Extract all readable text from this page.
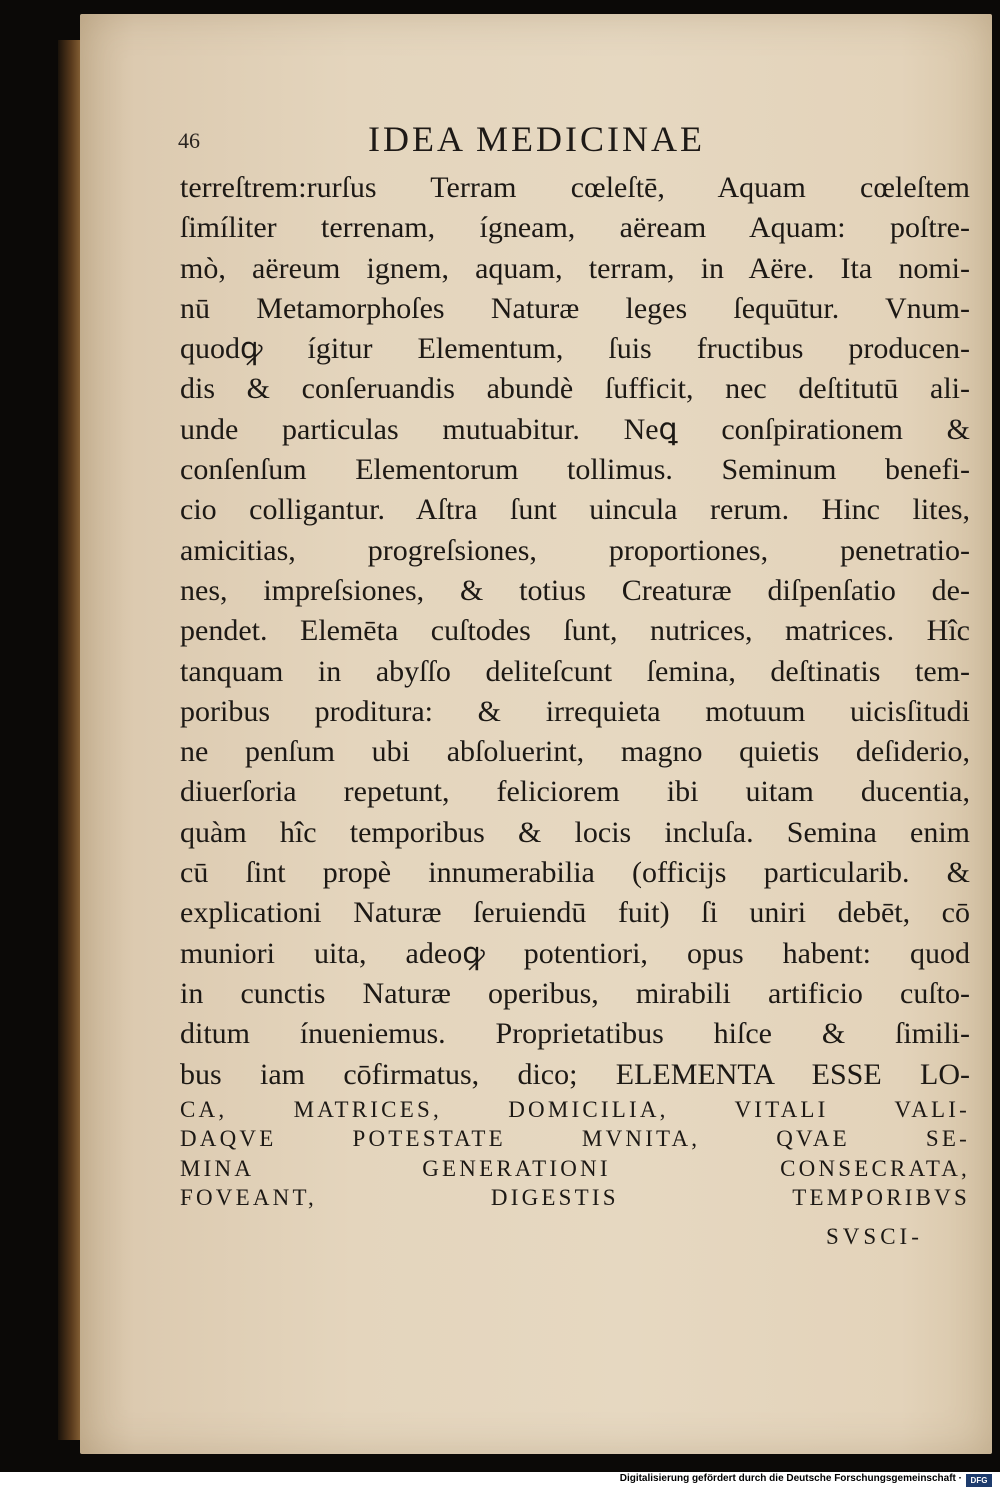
46	IDEA MEDICINAE
terreſtrem:rurſus Terram cœleſtē, Aquam cœleſtem
ſimíliter terrenam, ígneam, aëream Aquam: poſtre-
mò, aëreum ignem, aquam, terram, in Aëre. Ita nomi-
nū Metamorphoſes Naturæ leges ſequūtur. Vnum-
quodꝙ ígitur Elementum, ſuis fructibus producen-
dis & conſeruandis abundè ſufficit, nec deſtitutū ali-
unde particulas mutuabitur. Neꝗ conſpirationem &
conſenſum Elementorum tollimus. Seminum benefi-
cio colligantur. Aſtra ſunt uincula rerum. Hinc lites,
amicitias, progreſsiones, proportiones, penetratio-
nes, impreſsiones, & totius Creaturæ diſpenſatio de-
pendet. Elemēta cuſtodes ſunt, nutrices, matrices. Hîc
tanquam in abyſſo delitеſcunt ſemina, deſtinatis tem-
poribus proditura: & irrequieta motuum uicisſitudi
ne penſum ubi abſoluerint, magno quietis deſiderio,
diuerſoria repetunt, feliciorem ibi uitam ducentia,
quàm hîc temporibus & locis incluſa. Semina enim
cū ſint propè innumerabilia (officijs particularib. &
explicationi Naturæ ſeruiendū fuit) ſi uniri debēt, cō
muniori uita, adeoꝙ potentiori, opus habent: quod
in cunctis Naturæ operibus, mirabili artificio cuſto-
ditum ínueniemus. Proprietatibus hiſce & ſimili-
bus iam cōfirmatus, dico; ELEMENTA ESSE LO-
CA, MATRICES, DOMICILIA, VITALI VALI-
DAQVE POTESTATE MVNITA, QVAE SE-
MINA GENERATIONI CONSECRATA,
FOVEANT, DIGESTIS TEMPORIBVS
SVSCI-
Digitalisierung gefördert durch die Deutsche Forschungsgemeinschaft ·	DFG
